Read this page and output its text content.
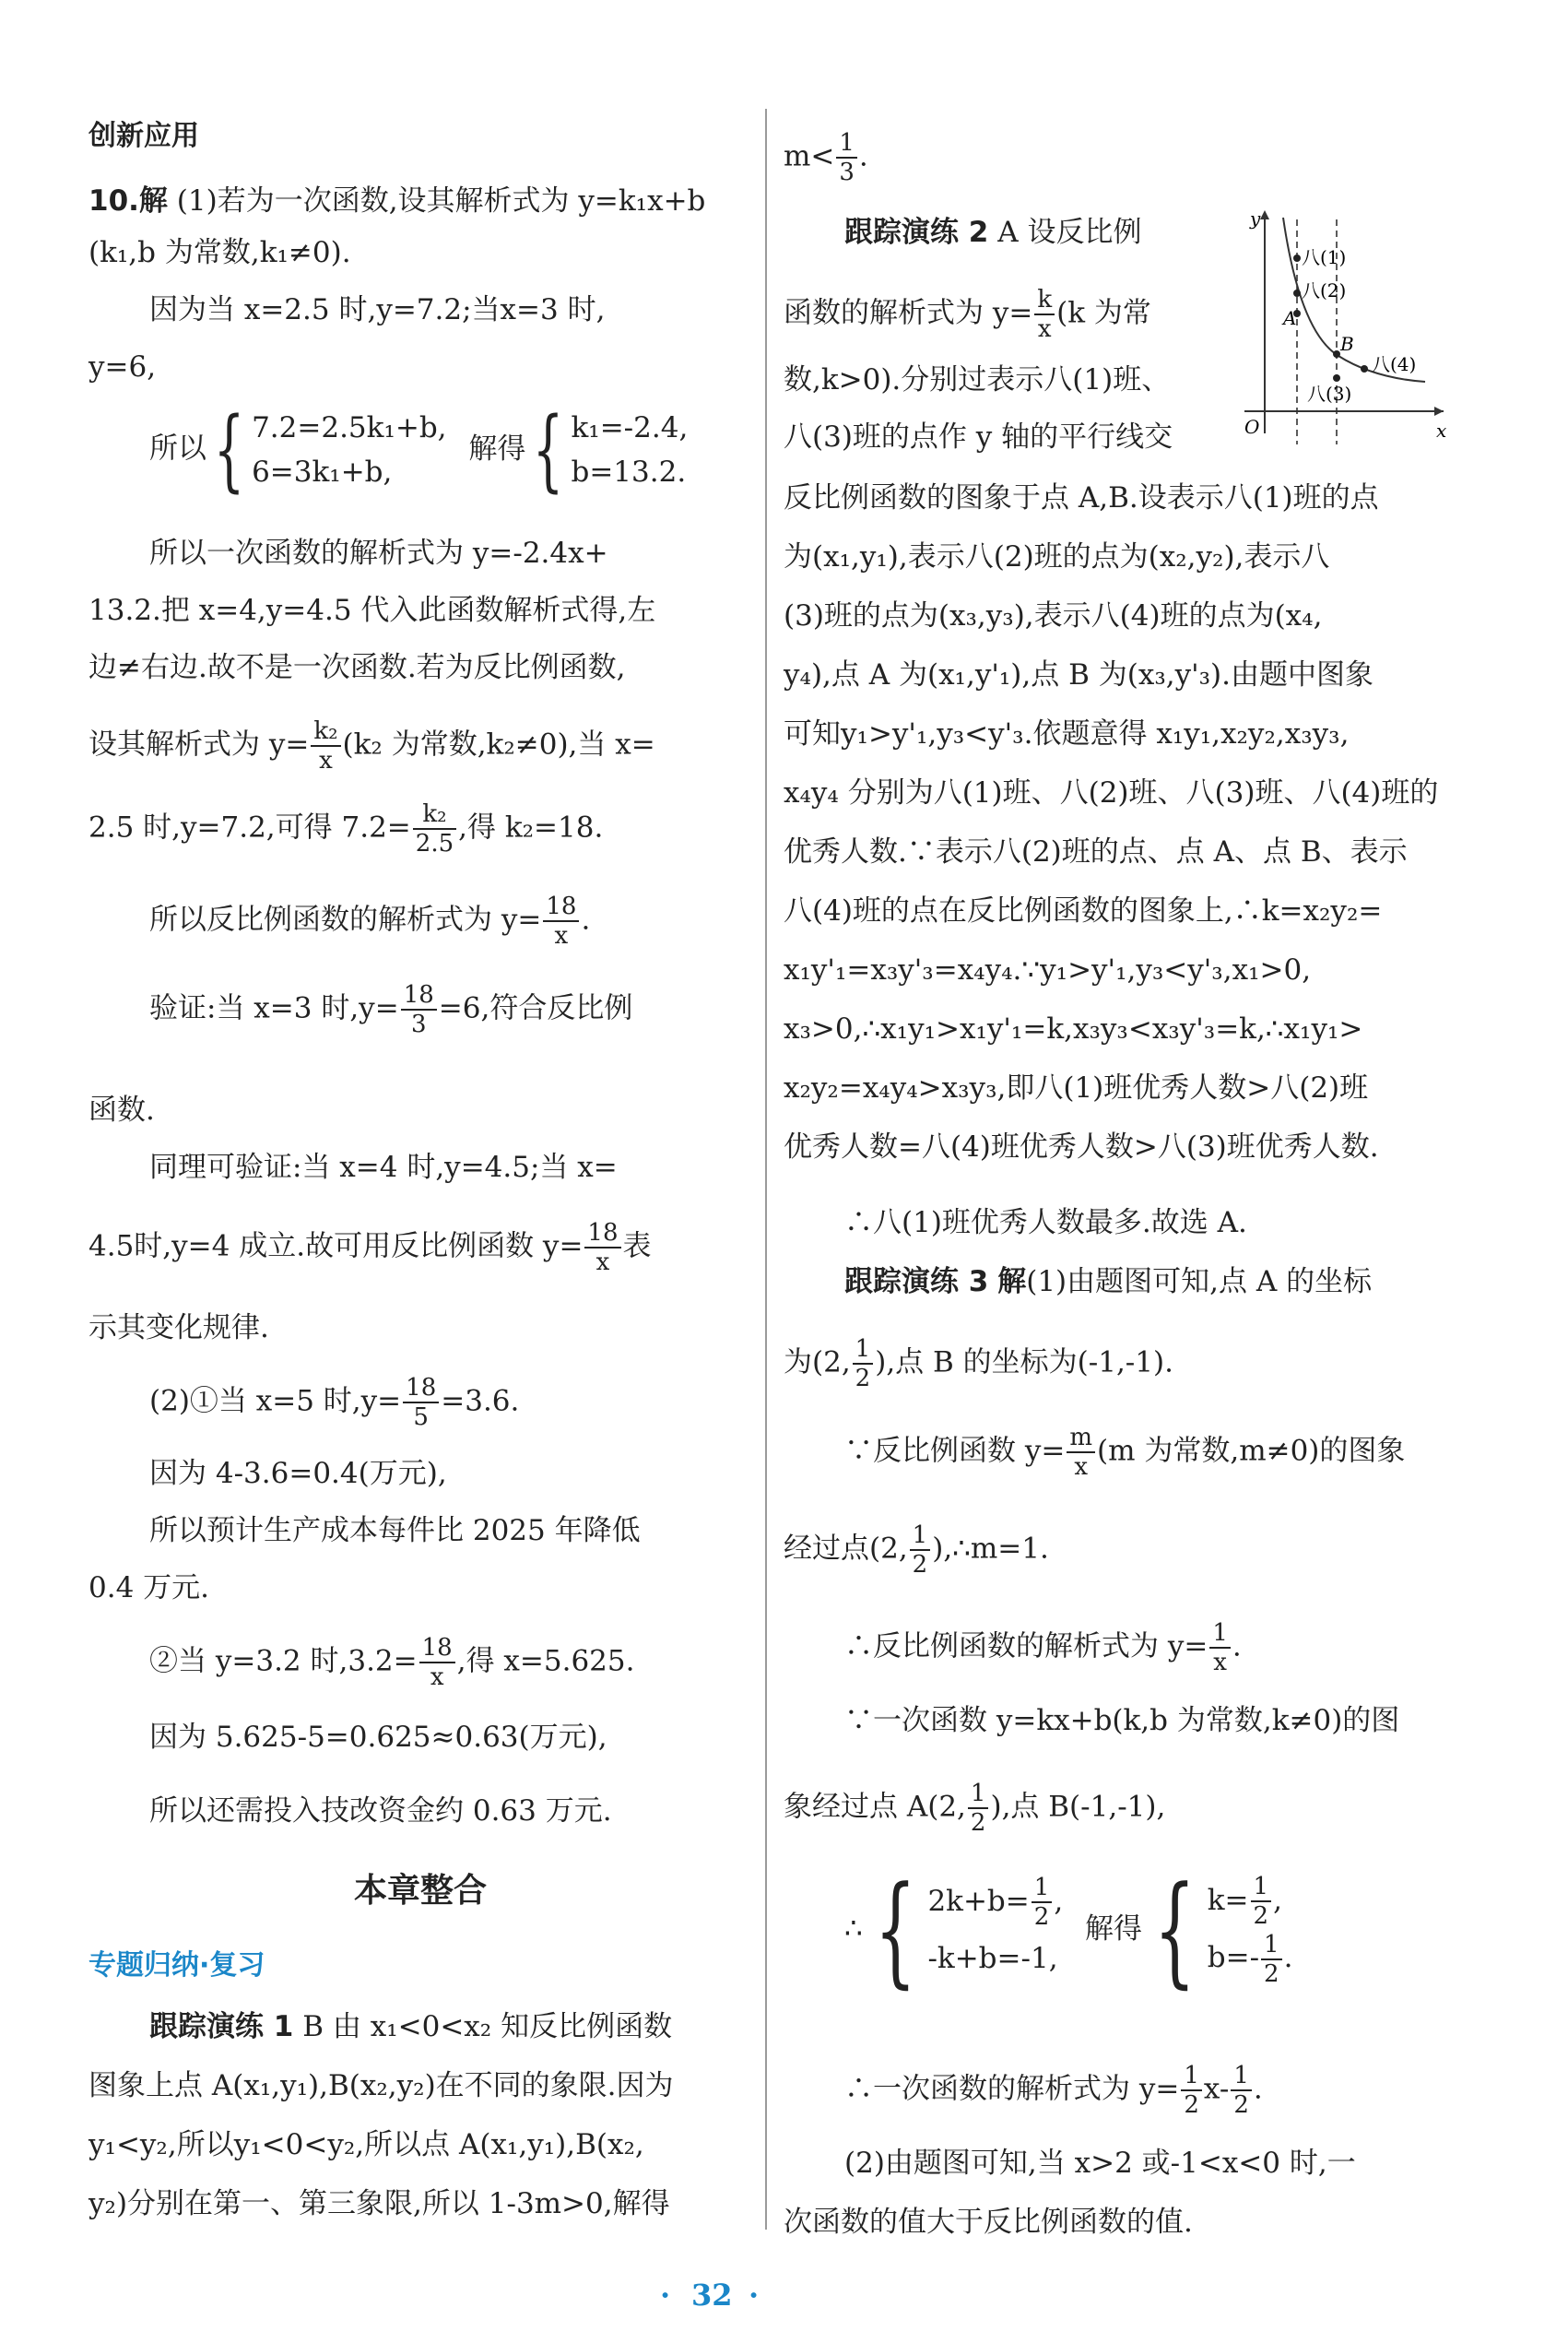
创新应用
10.解 (1)若为一次函数,设其解析式为 y=k₁x+b
(k₁,b 为常数,k₁≠0).
因为当 x=2.5 时,y=7.2;当x=3 时,
y=6,
所以{ 7.2=2.5k₁+b,
6=3k₁+b,
解得{ k₁=-2.4,
b=13.2.
所以一次函数的解析式为 y=-2.4x+
13.2.把 x=4,y=4.5 代入此函数解析式得,左
边≠右边.故不是一次函数.若为反比例函数,
设其解析式为 $y= \frac{\text{k₂}}{x} (k_2$ 为常数,k₂≠0),当 x=
2.5 时,y=7.2,可得 $7.2= \frac{\text{k₂}}{2.5}$ ,得 k₂=18.
所以反比例函数的解析式为 $y= \frac{18}{x}$ .
验证:当 x=3 时$,y= \frac{18}{3} =6$,符合反比例
函数.
同理可验证:当 x=4 时,y=4.5;当 x=
4.5时,y=4 成立.故可用反比例函数 $y= \frac{18}{x}$ 表
示其变化规律.
(2)①当 x=5 时$,y= \frac{18}{5} =3.6$.
因为 4-3.6=0.4(万元),
所以预计生产成本每件比 2025 年降低
0.4 万元.
②当 y=3.2 时$,3.2= \frac{18}{x}$ ,得 x=5.625.
因为 5.625-5=0.625≈0.63(万元),
所以还需投入技改资金约 0.63 万元.
本章整合
专题归纳·复习
跟踪演练 1 B 由 x₁<0<x₂ 知反比例函数
图象上点 A(x₁,y₁),B(x₂,y₂)在不同的象限.因为
y₁<y₂,所以y₁<0<y₂,所以点 A(x₁,y₁),B(x₂,
y₂)分别在第一、第三象限,所以 1-3m>0,解得
$m< \frac{1}{3}$ .
跟踪演练 2 A 设反比例
函数的解析式为 $y= \frac{k}{x} (k$ 为常
数,k>0).分别过表示八(1)班、
八(3)班的点作 y 轴的平行线交
y
x
O
八(1)
八(2)
A
B
八(3)
八(4)
反比例函数的图象于点 A,B.设表示八(1)班的点
为(x₁,y₁),表示八(2)班的点为(x₂,y₂),表示八
(3)班的点为(x₃,y₃),表示八(4)班的点为(x₄,
y₄),点 A 为(x₁,y'₁),点 B 为(x₃,y'₃).由题中图象
可知y₁>y'₁,y₃<y'₃.依题意得 x₁y₁,x₂y₂,x₃y₃,
x₄y₄ 分别为八(1)班、八(2)班、八(3)班、八(4)班的
优秀人数.∵表示八(2)班的点、点 A、点 B、表示
八(4)班的点在反比例函数的图象上,∴k=x₂y₂=
x₁y'₁=x₃y'₃=x₄y₄.∵y₁>y'₁,y₃<y'₃,x₁>0,
x₃>0,∴x₁y₁>x₁y'₁=k,x₃y₃<x₃y'₃=k,∴x₁y₁>
x₂y₂=x₄y₄>x₃y₃,即八(1)班优秀人数>八(2)班
优秀人数=八(4)班优秀人数>八(3)班优秀人数.
∴八(1)班优秀人数最多.故选 A.
跟踪演练 3 解(1)由题图可知,点 A 的坐标
为(2, $\frac{1}{2}$ ),点 B 的坐标为(-1,-1).
∵反比例函数 $y= \frac{m}{x} (m$ 为常数,m≠0)的图象
经过点(2, $\frac{1}{2}$ ),∴m=1.
∴反比例函数的解析式为 $y= \frac{1}{x}$ .
∵一次函数 y=kx+b(k,b 为常数,k≠0)的图
象经过点 A(2, $\frac{1}{2}$ ),点 B(-1,-1),
∴{ $2k+b= \frac{1}{2}$ ,
-k+b=-1,
解得{ $k= \frac{1}{2}$ ,
$b=- \frac{1}{2}$ .
∴一次函数的解析式为 $y= \frac{1}{2} x- \frac{1}{2}$ .
(2)由题图可知,当 x>2 或-1<x<0 时,一
次函数的值大于反比例函数的值.
· 32 ·
